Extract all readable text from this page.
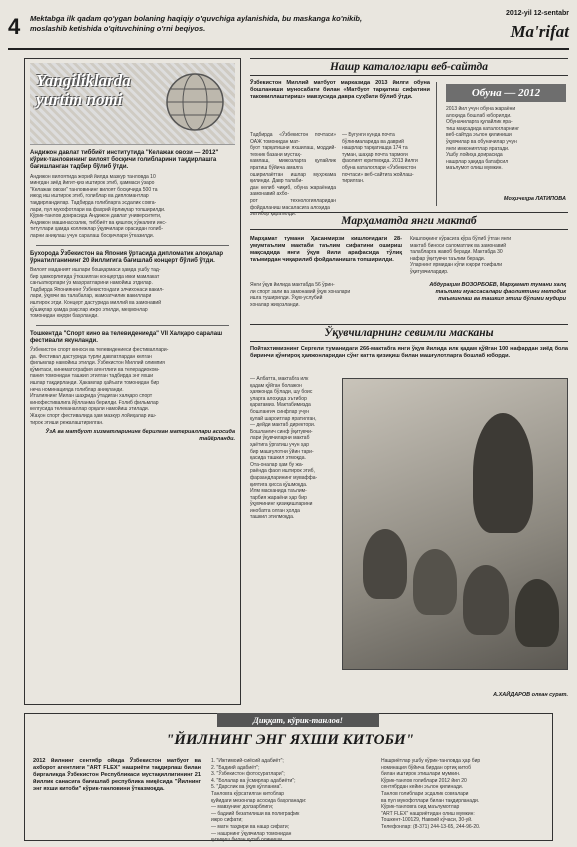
4 Mektabga ilk qadam qo'ygan bolaning haqiqiy o'quvchiga aylanishida, bu maskanga ko'nikib, moslashib ketishida o'qituvchining o'rni beqiyos.
2012-yil 12-sentabr
Ma'rifat
Yangiliklarda yurtim nomi
Андижон давлат тиббиёт институтида "Келажак овози — 2012" кўрик-танловининг вилоят босқичи голибларини тақдирлашга бағишланган тадбир бўлиб ўтди.
Андижон вилоятида жорий йилда мазкур танловда 10
мингдан зиёд йигит-қиз иштирок этиб, ҳаммаси ўзаро
"Келажак овози" танловининг вилоят босқичида 500 та
ижод иш иштирок этиб, голиблар ва дипломантлар
тақдирландилар. Тадбирда голибларга эсдалик совга-
лари, пул мукофотлари ва фахрий ёрлиқлар топширилди.
Кўрик-танлов доирасида Андижон давлат университети,
Андижон машинасозлик, тиббиёт ва қишлоқ хўжалиги инс-
титутлари ҳамда коллежлар ўқувчилари орасидан голиб-
ларни аниқлаш учун саралаш босқичлари ўтказилди.
Бухорода Ўзбекистон ва Япония ўртасида дипломатик алоқалар ўрнатилганининг 20 йиллигига бағишлаб концерт бўлиб ўтди.
Вилоят маданият ишлари бошқармаси ҳамда ушбу тад-
бир ҳамкорлигида ўтказилган концертда икки мамлакат
санъаткорлари ўз маҳоратларини намойиш этдилар.
Тадбирда Япониянинг Ўзбекистондаги элчихонаси вакил-
лари, ўқувчи ва талабалар, жамоатчилик вакиллари
иштирок этди. Концерт дастурида миллий ва замонавий
қўшиқлар ҳамда рақслар ижро этилди, меҳмонлар
томонидан юқори баҳоланди.
Тошкентда "Спорт кино ва телевидениеда" VII Халқаро саралаш фестивали якунланди.
Ўзбекистон спорт киноси ва телевидениеси фестиваллари-
да. Фестивал дастурида турли давлатлардан келган
фильмлар намойиш этилди. Ўзбекистон Миллий олимпия
қўмитаси, кинематография агентлиги ва телерадиоком-
пания томонидан ташкил этилган тадбирда энг яхши
ишлар тақдирланди. Ҳакамлар ҳайъати томонидан бир
неча номинацияда голиблар аниқланди.
Италиянинг Милан шаҳрида ўтадиган халқаро спорт
кинофестивалига йўлланма берилди. Ғолиб фильмлар
келгусида телеканаллар орқали намойиш этилади.
Жаҳон спорт фестивалида ҳам мазкур лойиҳалар иш-
тирок этиши режалаштирилган.
ЎзА ва матбуот хизматларининг берилган материаллари асосида тайёрланди.
Нашр каталоглари веб-сайтда
Ўзбекистон Миллий матбуот марказида 2013 йилги обуна бошланиши муносабати билан «Матбуот тарқатиш сифатини такомиллаштириш» мавзусида давра суҳбати бўлиб ўтди.
Тадбирда «Ўзбекистон почтаси» ОАЖ томонидан мат-
буот тарқатишни яхшилаш, моддий-техник базани мустаҳ-
камлаш, мижозларга қулайлик яратиш бўйича амалга
оширилаётган ишлар муҳокама қилинди. Давр талаби-
дан келиб чиқиб, обуна жараёнида замонавий ахбо-
рот технологияларидан фойдаланиш масаласига алоҳида
эътибор қаратилди.
— Бугунги кунда почта
бўлинмаларида ва даврий
нашрлар тарқатишда 174 та
туман, шаҳар почта тармоғи
фаолият юритмоқда. 2013 йилги
обуна каталоглари «Ўзбекистон
почтаси» веб-сайтига жойлаш-
тирилган.
Обуна — 2012
2013 йил учун обуна жараёни
алоҳида бошлаб юборилди.
Обуначиларга қулайлик яра-
тиш мақсадида каталогларнинг
веб-сайтда эълон қилиниши
ўқувчилар ва обуначилар учун
янги имкониятлар яратади.
Ушбу лойиҳа доирасида
нашрлар ҳақида батафсил
маълумот олиш мумкин.
Моҳичеҳра ЛАТИПОВА
Марҳаматда янги мактаб
Марҳамат тумани Ҳасанмирзи кишлоғидаги 28-умумтаълим мактаби таълим сифатини ошириш мақсадида янги ўқув йили арафасида тўлиқ таъмирдан чиқарилиб фойдаланишга топширилди.
Янги ўқув йилида мактабда 56 ўрин-
ли спорт зали ва замонавий ўқув хоналари
ишга туширилди. Ўқув-услубий
хоналар жиҳозланди.
Кишлоқнинг кўрасига кўра бўлиб ўтган янги
мактаб биноси саломатлик ва замонавий
талабларга жавоб беради. Мактабда 30
нафар ўқитувчи таълим беради.
Уларнинг ярмидан кўпи юқори тоифали
ўқитувчилардир.
Абдураҳим ВОЗОРБОЕВ, Марҳамат тумани халқ таълими муассасалари фаолиятини методик таъминлаш ва ташкил этиш бўлими мудири
Ўқувчиларнинг севимли масканы
Пойтахтимизнинг Сергели туманидаги 266-мактабга янги ўқув йилида илк қадам қўйган 100 нафардан зиёд бола биринчи қўнғироқ ҳаяжонларидан сўнг катта қизиқиш билан машғулотларга бошлаб юборди.
— Албатта, мактабга илк
қадам қўйган болажон
ҳаяжонда бўлади, шу боис
уларга алоҳида эътибор
қаратамиз. Мактабимизда
бошланғич синфлар учун
қулай шароитлар яратилган,
— дейди мактаб директори.
Бошланғич синф ўқитувчи-
лари ўқувчиларни мактаб
ҳаётига ўргатиш учун ҳар
бир машғулотни ўйин тари-
қасида ташкил этмоқда.
Ота-оналар ҳам бу жа-
раёнда фаол иштирок этиб,
фарзандларининг муваффа-
қиятига ҳисса қўшмоқда.
Илм масканида таълим-
тарбия жараёни ҳар бир
ўқувчининг қизиқишларини
инобатга олган ҳолда
ташкил этилмоқда.
А.ХАЙДАРОВ олган сурат.
Диққат, кўрик-танлов!
"ЙИЛНИНГ ЭНГ ЯХШИ КИТОБИ"
2012 йилнинг сентябр ойида Ўзбекистон матбуот ва ахборот агентлиги "ART FLEX" нашриёти тақдирлаш билан биргаликда Ўзбекистон Республикаси мустақиллигининг 21 йиллик санасига бағишлаб республика миқёсида "Йилнинг энг яхши китоби" кўрик-танловини ўтказмоқда.
1. "Ижтимоий-сиёсий адабиёт";
2. "Бадиий адабиёт";
3. "Ўзбекистон фотосуратлари";
4. "Болалар ва ўсмирлар адабиёти";
5. "Дарслик ва ўқув қўлланма".
Танловга кўрсатилган китоблар
қуйидаги мезонлар асосида баҳоланади:
— мавзунинг долзарблиги;
— бадиий безатилиши ва полиграфик
ижро сифати;
— матн таҳрири ва нашр сифати;
— нашрнинг ўқувчилар томонидан
қизиқиш билан кутиб олиниши.
Нашриётлар ушбу кўрик-танловда ҳар бир
номинация бўйича бирдан ортиқ китоб
билан иштирок этишлари мумкин.
Кўрик-танлов голиблари 2012 йил 20
сентябрдан кейин эълон қилинади.
Танлов голиблари эсдалик совғалари
ва пул мукофотлари билан тақдирланади.
Кўрик-танловга оид маълумотлар
"ART FLEX" нашриётидан олиш мумкин:
Тошкент-100129, Навоий кўчаси, 30-уй.
Телефонлар: (8-371) 244-13-65, 244-96-20.
